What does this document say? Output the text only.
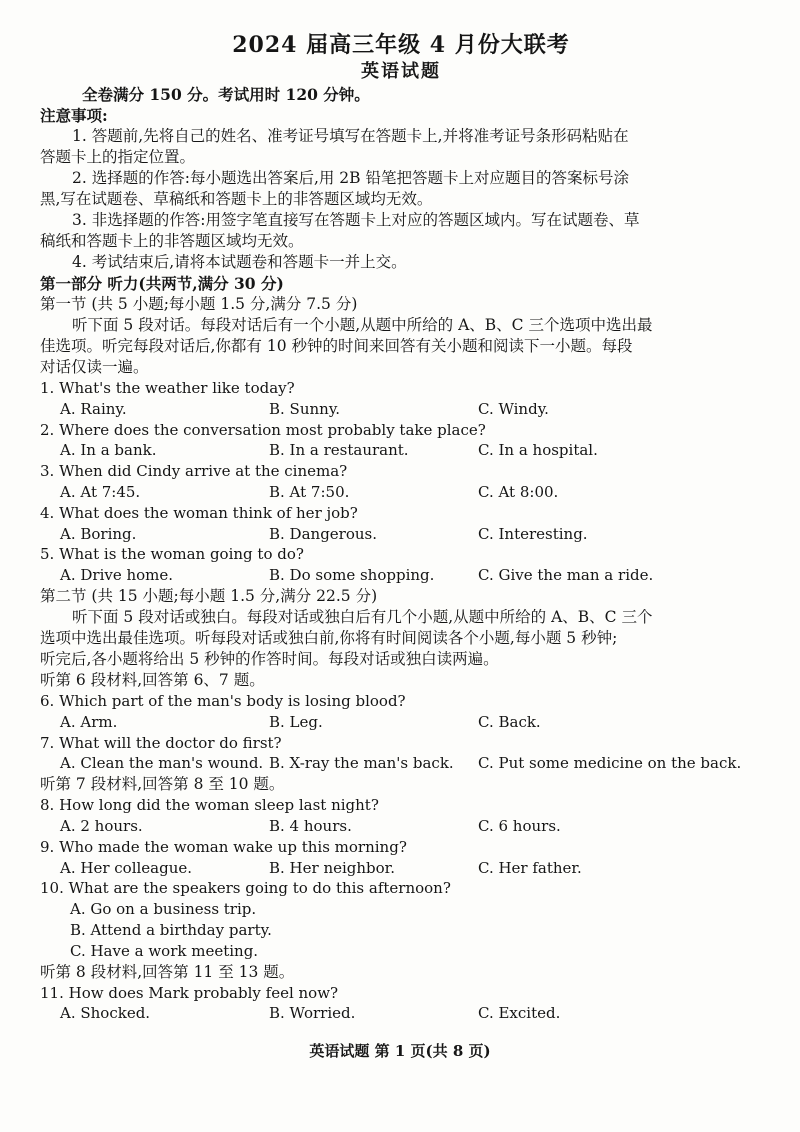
2024 届高三年级 4 月份大联考

英语试题

全卷满分 150 分。考试用时 120 分钟。

注意事项:

1. 答题前,先将自己的姓名、准考证号填写在答题卡上,并将准考证号条形码粘贴在

答题卡上的指定位置。

2. 选择题的作答:每小题选出答案后,用 2B 铅笔把答题卡上对应题目的答案标号涂

黑,写在试题卷、草稿纸和答题卡上的非答题区域均无效。

3. 非选择题的作答:用签字笔直接写在答题卡上对应的答题区域内。写在试题卷、草

稿纸和答题卡上的非答题区域均无效。

4. 考试结束后,请将本试题卷和答题卡一并上交。

第一部分 听力(共两节,满分 30 分)

第一节 (共 5 小题;每小题 1.5 分,满分 7.5 分)

听下面 5 段对话。每段对话后有一个小题,从题中所给的 A、B、C 三个选项中选出最

佳选项。听完每段对话后,你都有 10 秒钟的时间来回答有关小题和阅读下一小题。每段

对话仅读一遍。

1. What's the weather like today?

A. Rainy.	B. Sunny.	C. Windy.

2. Where does the conversation most probably take place?

A. In a bank.	B. In a restaurant.	C. In a hospital.

3. When did Cindy arrive at the cinema?

A. At 7:45.	B. At 7:50.	C. At 8:00.

4. What does the woman think of her job?

A. Boring.	B. Dangerous.	C. Interesting.

5. What is the woman going to do?

A. Drive home.	B. Do some shopping.	C. Give the man a ride.

第二节 (共 15 小题;每小题 1.5 分,满分 22.5 分)

听下面 5 段对话或独白。每段对话或独白后有几个小题,从题中所给的 A、B、C 三个

选项中选出最佳选项。听每段对话或独白前,你将有时间阅读各个小题,每小题 5 秒钟;

听完后,各小题将给出 5 秒钟的作答时间。每段对话或独白读两遍。

听第 6 段材料,回答第 6、7 题。

6. Which part of the man's body is losing blood?

A. Arm.	B. Leg.	C. Back.

7. What will the doctor do first?

A. Clean the man's wound. B. X-ray the man's back.	C. Put some medicine on the back.

听第 7 段材料,回答第 8 至 10 题。

8. How long did the woman sleep last night?

A. 2 hours.	B. 4 hours.	C. 6 hours.

9. Who made the woman wake up this morning?

A. Her colleague.	B. Her neighbor.	C. Her father.

10. What are the speakers going to do this afternoon?

A. Go on a business trip.

B. Attend a birthday party.

C. Have a work meeting.

听第 8 段材料,回答第 11 至 13 题。

11. How does Mark probably feel now?

A. Shocked.	B. Worried.	C. Excited.
英语试题 第 1 页(共 8 页)
